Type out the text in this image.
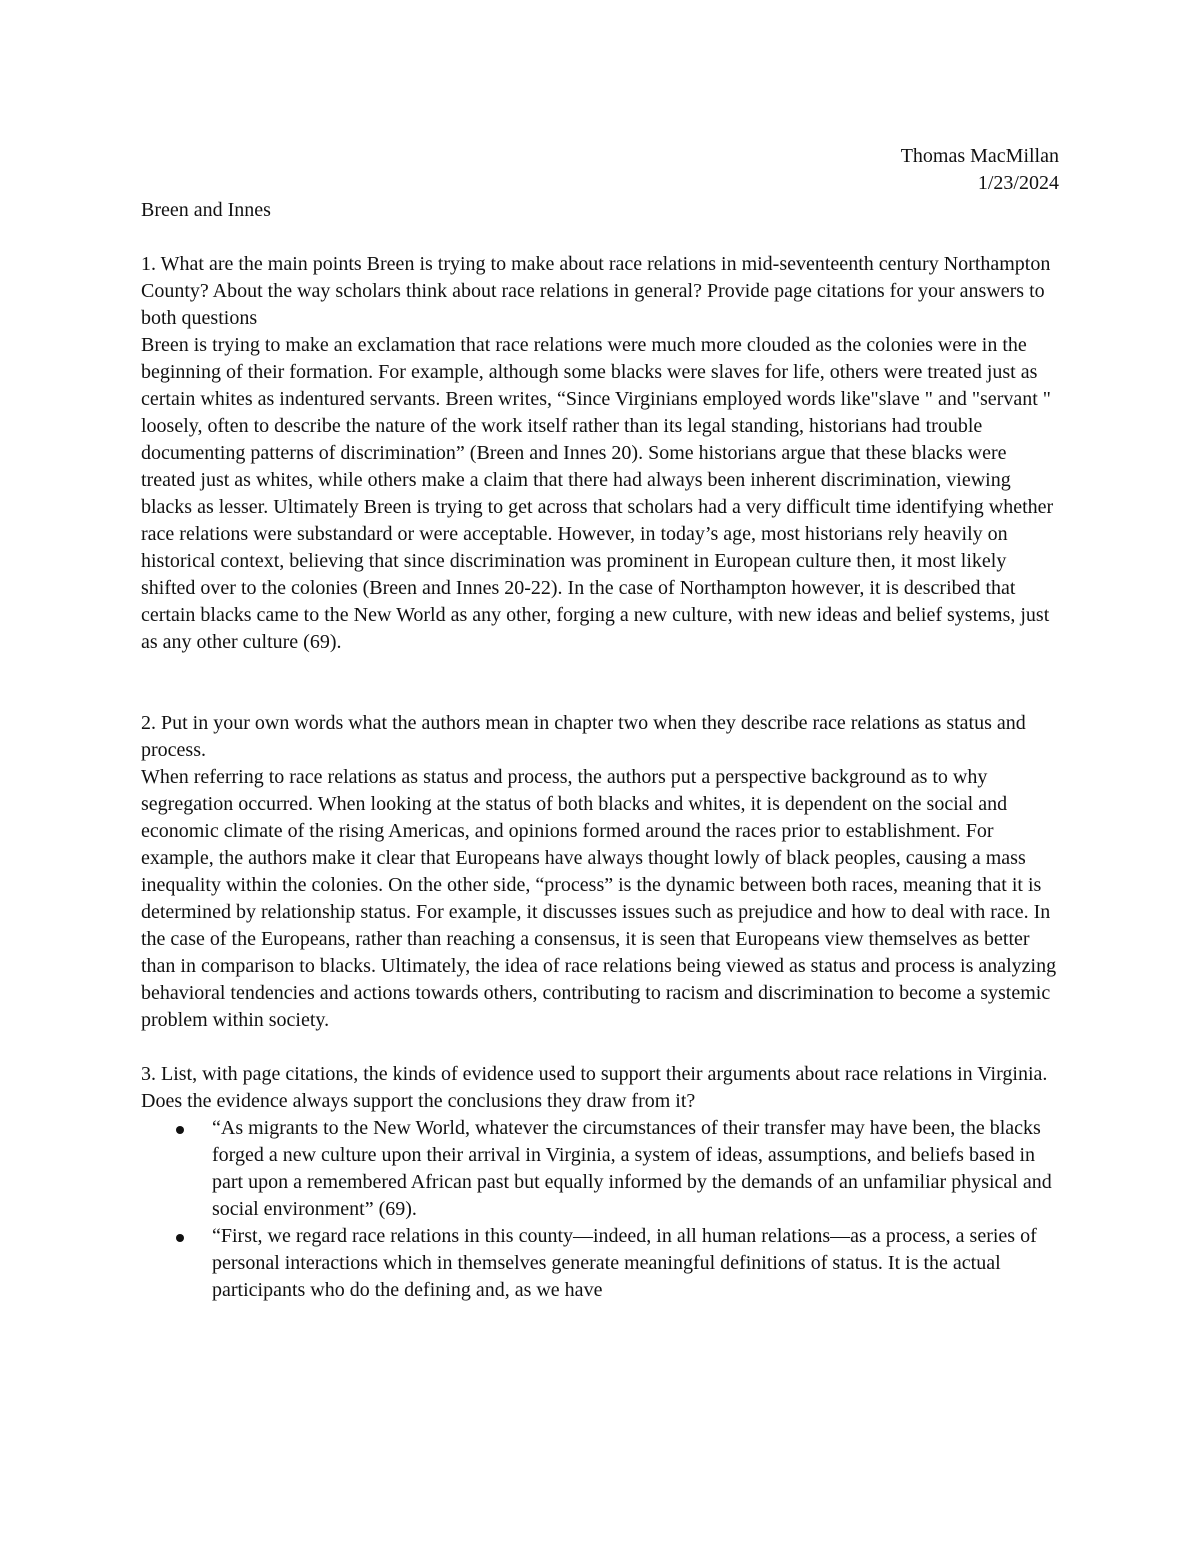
Thomas MacMillan

1/23/2024

Breen and Innes

1. What are the main points Breen is trying to make about race relations in mid-seventeenth century Northampton County? About the way scholars think about race relations in general? Provide page citations for your answers to both questions

Breen is trying to make an exclamation that race relations were much more clouded as the colonies were in the beginning of their formation. For example, although some blacks were slaves for life, others were treated just as certain whites as indentured servants. Breen writes, “Since Virginians employed words like"slave " and "servant " loosely, often to describe the nature of the work itself rather than its legal standing, historians had trouble documenting patterns of discrimination” (Breen and Innes 20). Some historians argue that these blacks were treated just as whites, while others make a claim that there had always been inherent discrimination, viewing blacks as lesser. Ultimately Breen is trying to get across that scholars had a very difficult time identifying whether race relations were substandard or were acceptable. However, in today’s age, most historians rely heavily on historical context, believing that since discrimination was prominent in European culture then, it most likely shifted over to the colonies (Breen and Innes 20-22). In the case of Northampton however, it is described that certain blacks came to the New World as any other, forging a new culture, with new ideas and belief systems, just as any other culture (69).

2. Put in your own words what the authors mean in chapter two when they describe race relations as status and process.

When referring to race relations as status and process, the authors put a perspective background as to why segregation occurred. When looking at the status of both blacks and whites, it is dependent on the social and economic climate of the rising Americas, and opinions formed around the races prior to establishment. For example, the authors make it clear that Europeans have always thought lowly of black peoples, causing a mass inequality within the colonies. On the other side, “process” is the dynamic between both races, meaning that it is determined by relationship status. For example, it discusses issues such as prejudice and how to deal with race. In the case of the Europeans, rather than reaching a consensus, it is seen that Europeans view themselves as better than in comparison to blacks. Ultimately, the idea of race relations being viewed as status and process is analyzing behavioral tendencies and actions towards others, contributing to racism and discrimination to become a systemic problem within society.

3. List, with page citations, the kinds of evidence used to support their arguments about race relations in Virginia. Does the evidence always support the conclusions they draw from it?

“As migrants to the New World, whatever the circumstances of their transfer may have been, the blacks forged a new culture upon their arrival in Virginia, a system of ideas, assumptions, and beliefs based in part upon a remembered African past but equally informed by the demands of an unfamiliar physical and social environment” (69).
“First, we regard race relations in this county—indeed, in all human relations—as a process, a series of personal interactions which in themselves generate meaningful definitions of status. It is the actual participants who do the defining and, as we have
